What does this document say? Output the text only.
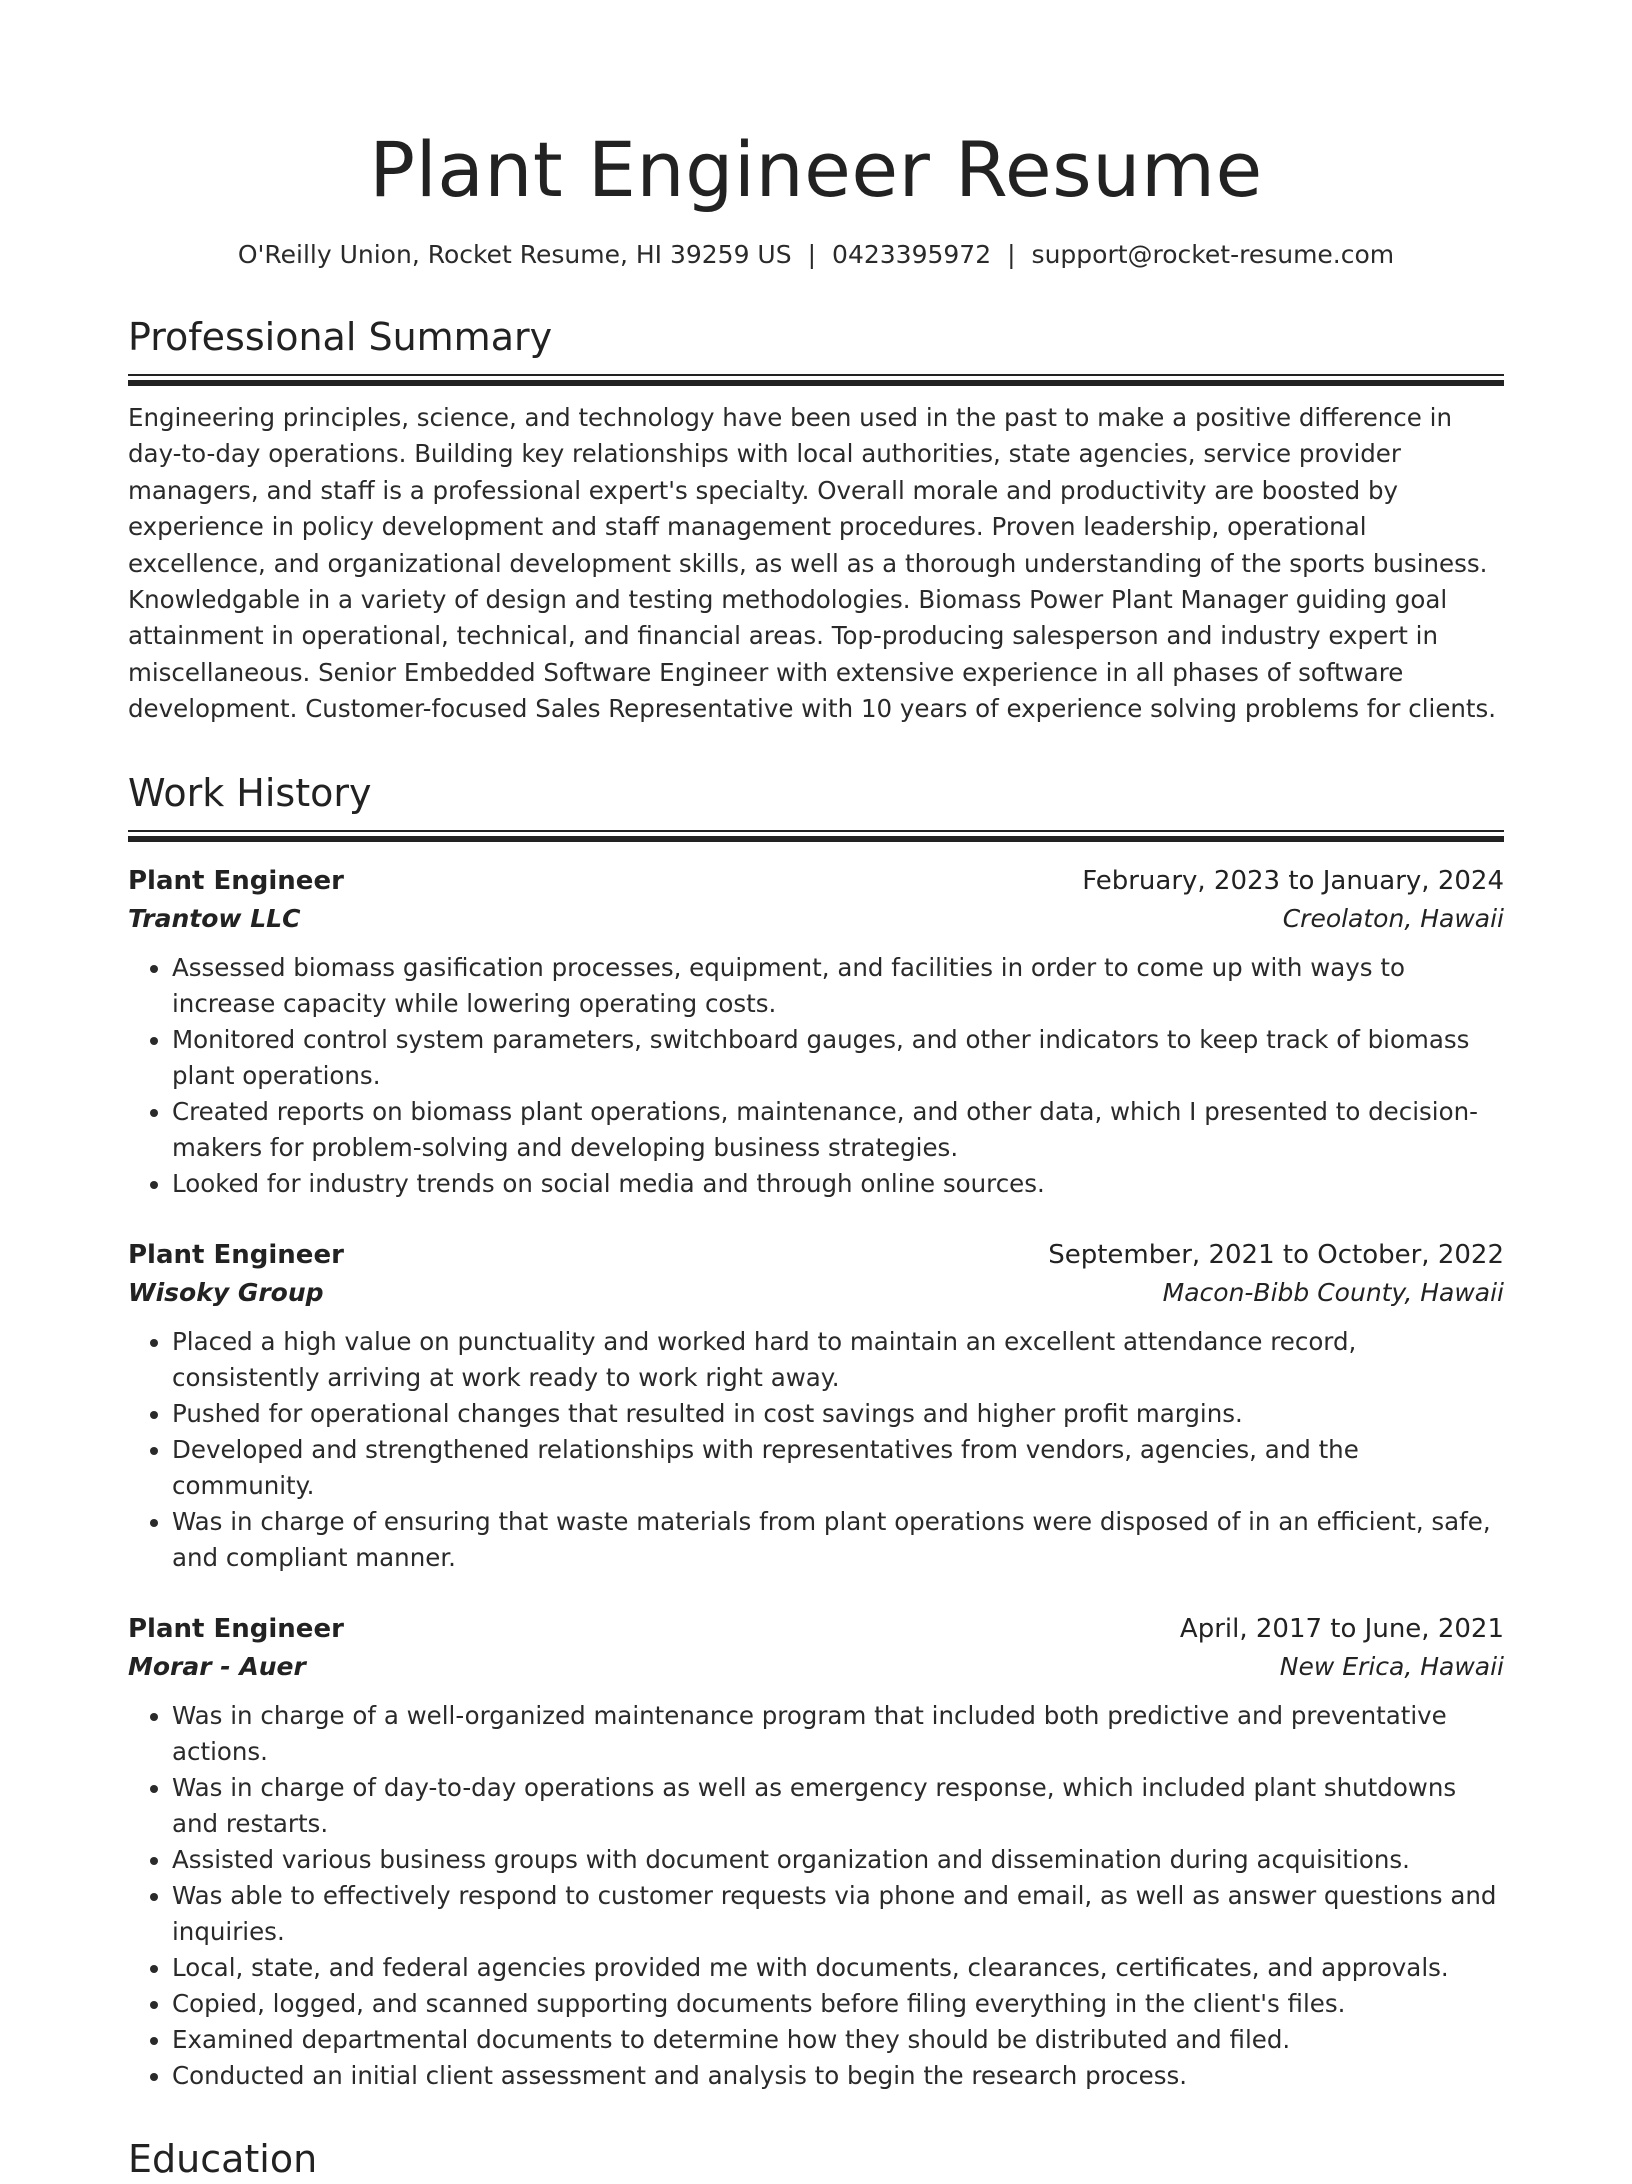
Plant Engineer Resume
O'Reilly Union, Rocket Resume, HI 39259 US | 0423395972 | support@rocket-resume.com
Professional Summary
Engineering principles, science, and technology have been used in the past to make a positive difference in day-to-day operations. Building key relationships with local authorities, state agencies, service provider managers, and staff is a professional expert's specialty. Overall morale and productivity are boosted by experience in policy development and staff management procedures. Proven leadership, operational excellence, and organizational development skills, as well as a thorough understanding of the sports business. Knowledgable in a variety of design and testing methodologies. Biomass Power Plant Manager guiding goal attainment in operational, technical, and financial areas. Top-producing salesperson and industry expert in miscellaneous. Senior Embedded Software Engineer with extensive experience in all phases of software development. Customer-focused Sales Representative with 10 years of experience solving problems for clients.
Work History
Plant Engineer	February, 2023 to January, 2024
Trantow LLC	Creolaton, Hawaii
• Assessed biomass gasification processes, equipment, and facilities in order to come up with ways to increase capacity while lowering operating costs.
• Monitored control system parameters, switchboard gauges, and other indicators to keep track of biomass plant operations.
• Created reports on biomass plant operations, maintenance, and other data, which I presented to decision-makers for problem-solving and developing business strategies.
• Looked for industry trends on social media and through online sources.
Plant Engineer	September, 2021 to October, 2022
Wisoky Group	Macon-Bibb County, Hawaii
• Placed a high value on punctuality and worked hard to maintain an excellent attendance record, consistently arriving at work ready to work right away.
• Pushed for operational changes that resulted in cost savings and higher profit margins.
• Developed and strengthened relationships with representatives from vendors, agencies, and the community.
• Was in charge of ensuring that waste materials from plant operations were disposed of in an efficient, safe, and compliant manner.
Plant Engineer	April, 2017 to June, 2021
Morar - Auer	New Erica, Hawaii
• Was in charge of a well-organized maintenance program that included both predictive and preventative actions.
• Was in charge of day-to-day operations as well as emergency response, which included plant shutdowns and restarts.
• Assisted various business groups with document organization and dissemination during acquisitions.
• Was able to effectively respond to customer requests via phone and email, as well as answer questions and inquiries.
• Local, state, and federal agencies provided me with documents, clearances, certificates, and approvals.
• Copied, logged, and scanned supporting documents before filing everything in the client's files.
• Examined departmental documents to determine how they should be distributed and filed.
• Conducted an initial client assessment and analysis to begin the research process.
Education
